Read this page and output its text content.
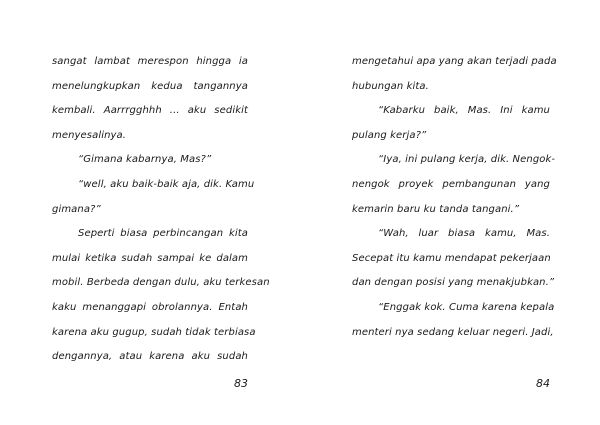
sangat lambat merespon hingga ia
menelungkupkan kedua tangannya
kembali. Aarrrgghhh ... aku sedikit
menyesalinya.
“Gimana kabarnya, Mas?”
“well, aku baik-baik aja, dik. Kamu
gimana?”
Seperti biasa perbincangan kita
mulai ketika sudah sampai ke dalam
mobil. Berbeda dengan dulu, aku terkesan
kaku menanggapi obrolannya. Entah
karena aku gugup, sudah tidak terbiasa
dengannya, atau karena aku sudah
83
mengetahui apa yang akan terjadi pada
hubungan kita.
“Kabarku baik, Mas. Ini kamu
pulang kerja?”
“Iya, ini pulang kerja, dik. Nengok-
nengok proyek pembangunan yang
kemarin baru ku tanda tangani.”
“Wah, luar biasa kamu, Mas.
Secepat itu kamu mendapat pekerjaan
dan dengan posisi yang menakjubkan.”
“Enggak kok. Cuma karena kepala
menteri nya sedang keluar negeri. Jadi,
84
